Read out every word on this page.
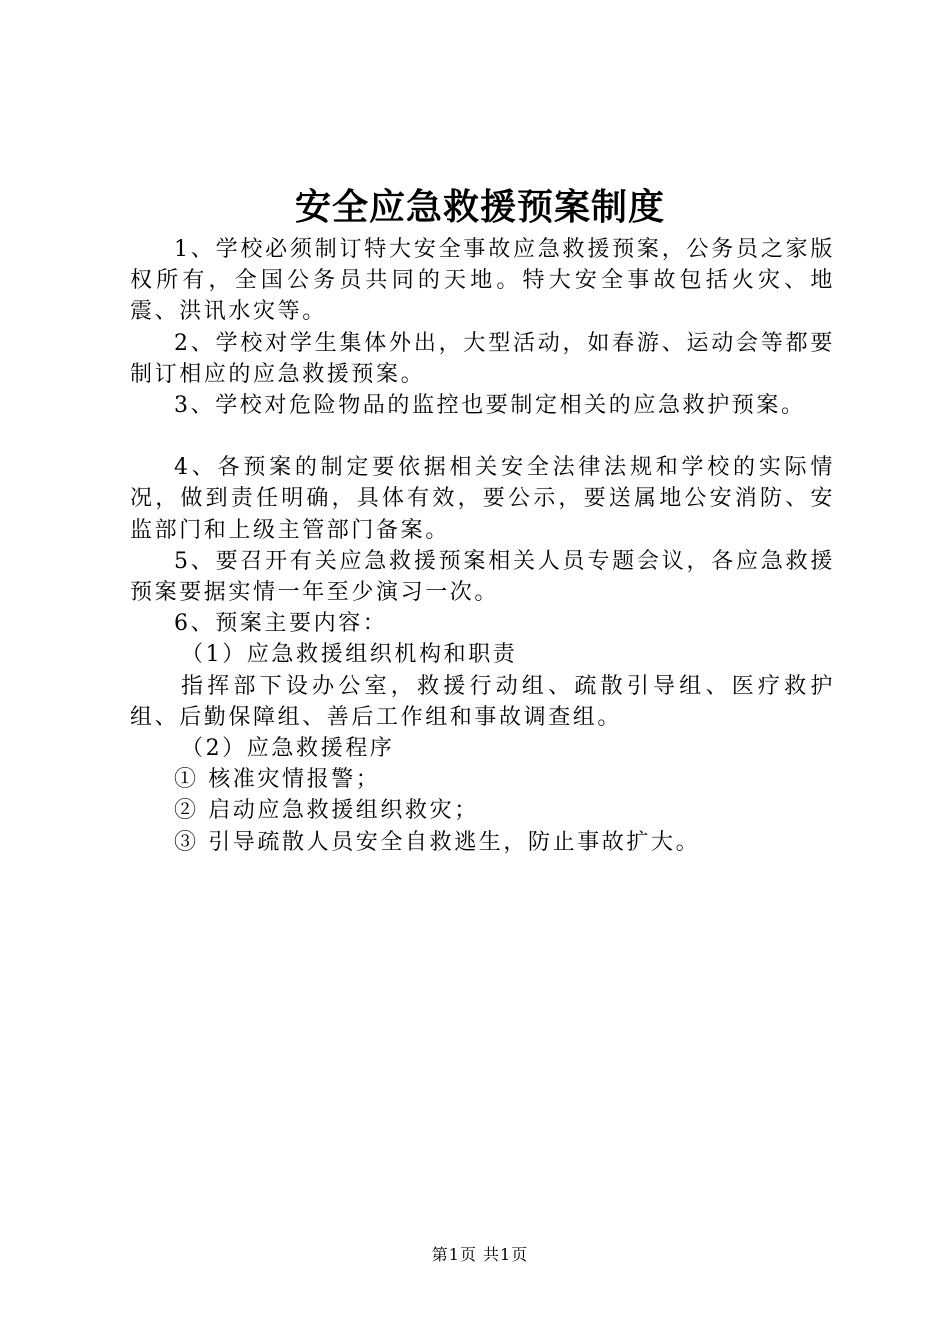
安全应急救援预案制度

1、学校必须制订特大安全事故应急救援预案，公务员之家版权所有，全国公务员共同的天地。特大安全事故包括火灾、地震、洪讯水灾等。

2、学校对学生集体外出，大型活动，如春游、运动会等都要制订相应的应急救援预案。

3、学校对危险物品的监控也要制定相关的应急救护预案。

4、各预案的制定要依据相关安全法律法规和学校的实际情况，做到责任明确，具体有效，要公示，要送属地公安消防、安监部门和上级主管部门备案。

5、要召开有关应急救援预案相关人员专题会议，各应急救援预案要据实情一年至少演习一次。

6、预案主要内容：

（1）应急救援组织机构和职责

指挥部下设办公室，救援行动组、疏散引导组、医疗救护组、后勤保障组、善后工作组和事故调查组。

（2）应急救援程序

① 核准灾情报警；

② 启动应急救援组织救灾；

③ 引导疏散人员安全自救逃生，防止事故扩大。

第1页 共1页
